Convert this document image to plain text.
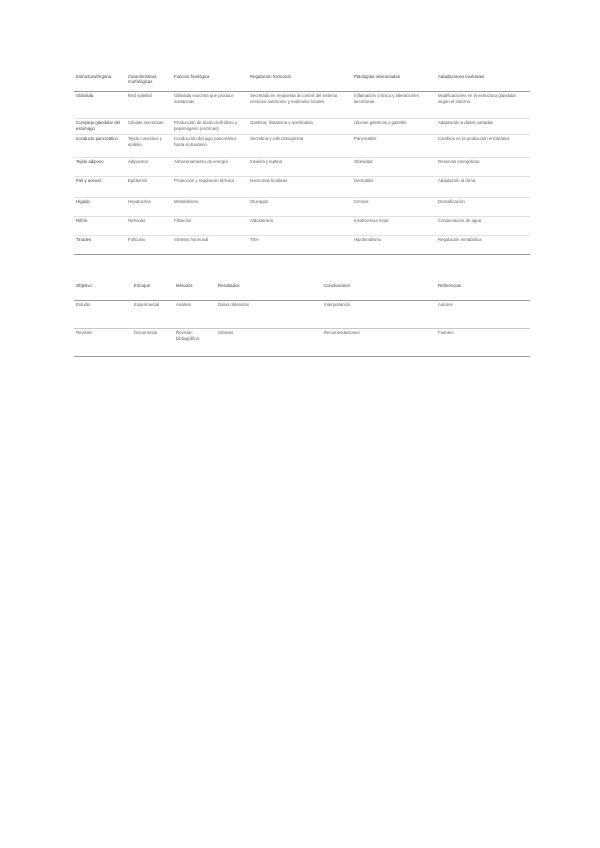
Estructura/Órgano	Características morfológicas	Función fisiológica	Regulación hormonal	Patologías relacionadas	Adaptaciones evolutivas
Glándula	Red epitelial	Glándula exocrina que produce sustancias	Secretada en respuesta al control del sistema nervioso autónomo y estímulos locales	Inflamación crónica y alteraciones secretoras	Modificaciones en la estructura glandular según el entorno
Complejo glandular del estómago	Células secretoras	Producción de ácido clorhídrico y pepsinógeno (enzimas)	Gastrina, histamina y acetilcolina	Úlceras gástricas y gastritis	Adaptación a dietas variadas
Conducto pancreático	Tejido conectivo y epitelio	Conducción del jugo pancreático hacia el duodeno	Secretina y colecistoquinina	Pancreatitis	Cambios en la producción enzimática
Tejido adiposo	Adipocitos	Almacenamiento de energía	Insulina y leptina	Obesidad	Reservas energéticas
Piel y anexos	Epidermis	Protección y regulación térmica	Hormonas tiroideas	Dermatitis	Adaptación al clima
Hígado	Hepatocitos	Metabolismo	Glucagón	Cirrosis	Detoxificación
Riñón	Nefronas	Filtración	Aldosterona	Insuficiencia renal	Conservación de agua
Tiroides	Folículos	Síntesis hormonal	TSH	Hipotiroidismo	Regulación metabólica
Objetivo	Enfoque	Métodos	Resultados	Conclusiones	Referencias
Estudio	Experimental	Análisis	Datos obtenidos	Interpretación	Autores
Revisión	Documental	Revisión bibliográfica	Síntesis	Recomendaciones	Fuentes
